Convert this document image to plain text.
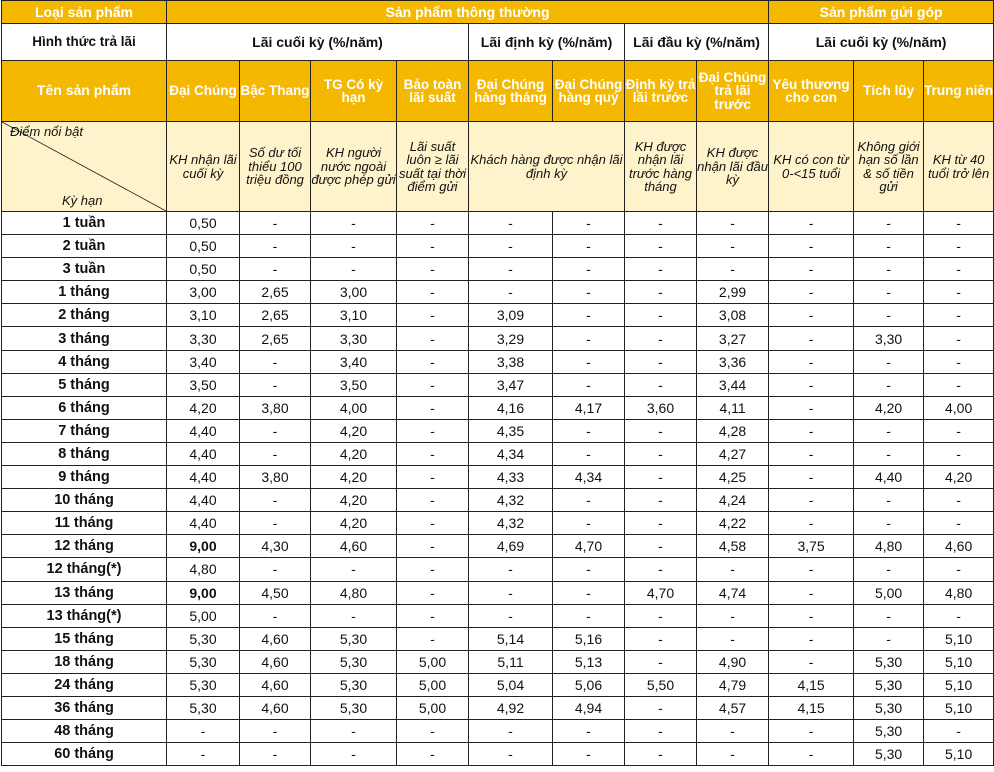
Loại sản phẩm	Sản phẩm thông thường								Sản phẩm gửi góp		
Hình thức trả lãi	Lãi cuối kỳ (%/năm)				Lãi định kỳ (%/năm)		Lãi đầu kỳ (%/năm)		Lãi cuối kỳ (%/năm)		
Tên sản phẩm	Đại Chúng	Bậc Thang	TG Có kỳ hạn	Bảo toàn lãi suất	Đại Chúng hàng tháng	Đại Chúng hàng quý	Định kỳ trả lãi trước	Đại Chúng trả lãi trước	Yêu thương cho con	Tích lũy	Trung niên

Điểm nổi bật
Kỳ hạn	KH nhận lãi cuối kỳ	Số dư tối thiểu 100 triệu đồng	KH người nước ngoài được phép gửi	Lãi suất luôn ≥ lãi suất tại thời điểm gửi	Khách hàng được nhận lãi định kỳ		KH được nhận lãi trước hàng tháng	KH được nhận lãi đầu kỳ	KH có con từ 0-<15 tuổi	Không giới hạn số lần & số tiền gửi	KH từ 40 tuổi trở lên
1 tuần	0,50	-	-	-	-	-	-	-	-	-	-
2 tuần	0,50	-	-	-	-	-	-	-	-	-	-
3 tuần	0,50	-	-	-	-	-	-	-	-	-	-
1 tháng	3,00	2,65	3,00	-	-	-	-	2,99	-	-	-
2 tháng	3,10	2,65	3,10	-	3,09	-	-	3,08	-	-	-
3 tháng	3,30	2,65	3,30	-	3,29	-	-	3,27	-	3,30	-
4 tháng	3,40	-	3,40	-	3,38	-	-	3,36	-	-	-
5 tháng	3,50	-	3,50	-	3,47	-	-	3,44	-	-	-
6 tháng	4,20	3,80	4,00	-	4,16	4,17	3,60	4,11	-	4,20	4,00
7 tháng	4,40	-	4,20	-	4,35	-	-	4,28	-	-	-
8 tháng	4,40	-	4,20	-	4,34	-	-	4,27	-	-	-
9 tháng	4,40	3,80	4,20	-	4,33	4,34	-	4,25	-	4,40	4,20
10 tháng	4,40	-	4,20	-	4,32	-	-	4,24	-	-	-
11 tháng	4,40	-	4,20	-	4,32	-	-	4,22	-	-	-
12 tháng	9,00	4,30	4,60	-	4,69	4,70	-	4,58	3,75	4,80	4,60
12 tháng(*)	4,80	-	-	-	-	-	-	-	-	-	-
13 tháng	9,00	4,50	4,80	-	-	-	4,70	4,74	-	5,00	4,80
13 tháng(*)	5,00	-	-	-	-	-	-	-	-	-	-
15 tháng	5,30	4,60	5,30	-	5,14	5,16	-	-	-	-	5,10
18 tháng	5,30	4,60	5,30	5,00	5,11	5,13	-	4,90	-	5,30	5,10
24 tháng	5,30	4,60	5,30	5,00	5,04	5,06	5,50	4,79	4,15	5,30	5,10
36 tháng	5,30	4,60	5,30	5,00	4,92	4,94	-	4,57	4,15	5,30	5,10
48 tháng	-	-	-	-	-	-	-	-	-	5,30	-
60 tháng	-	-	-	-	-	-	-	-	-	5,30	5,10
